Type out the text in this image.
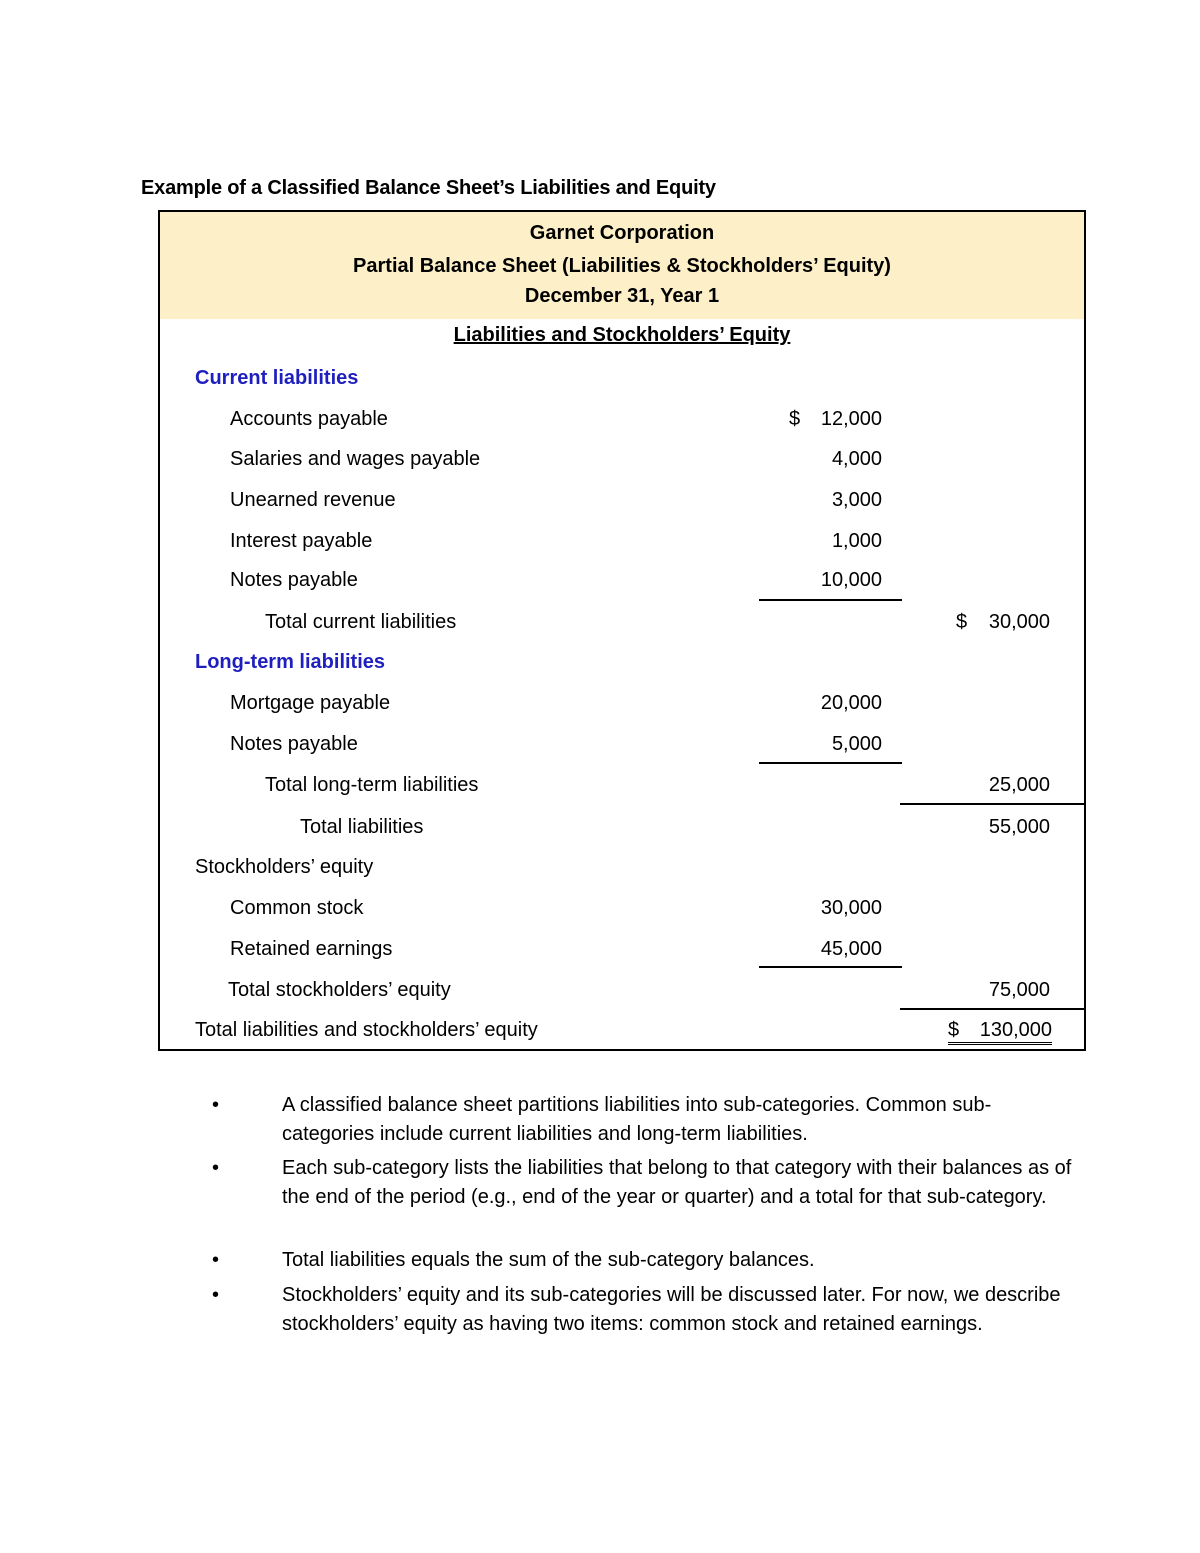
Example of a Classified Balance Sheet’s Liabilities and Equity
Garnet Corporation
Partial Balance Sheet (Liabilities & Stockholders’ Equity)
December 31, Year 1
Liabilities and Stockholders’ Equity
Current liabilities
Accounts payable	$	12,000
Salaries and wages payable	4,000
Unearned revenue	3,000
Interest payable	1,000
Notes payable	10,000
Total current liabilities	$	30,000
Long-term liabilities
Mortgage payable	20,000
Notes payable	5,000
Total long-term liabilities	25,000
Total liabilities	55,000
Stockholders’ equity
Common stock	30,000
Retained earnings	45,000
Total stockholders’ equity	75,000
Total liabilities and stockholders’ equity	$ 130,000
•	A classified balance sheet partitions liabilities into sub-categories. Common sub-categories include current liabilities and long-term liabilities.
•	Each sub-category lists the liabilities that belong to that category with their balances as of the end of the period (e.g., end of the year or quarter) and a total for that sub-category.
•	Total liabilities equals the sum of the sub-category balances.
•	Stockholders’ equity and its sub-categories will be discussed later. For now, we describe stockholders’ equity as having two items: common stock and retained earnings.
